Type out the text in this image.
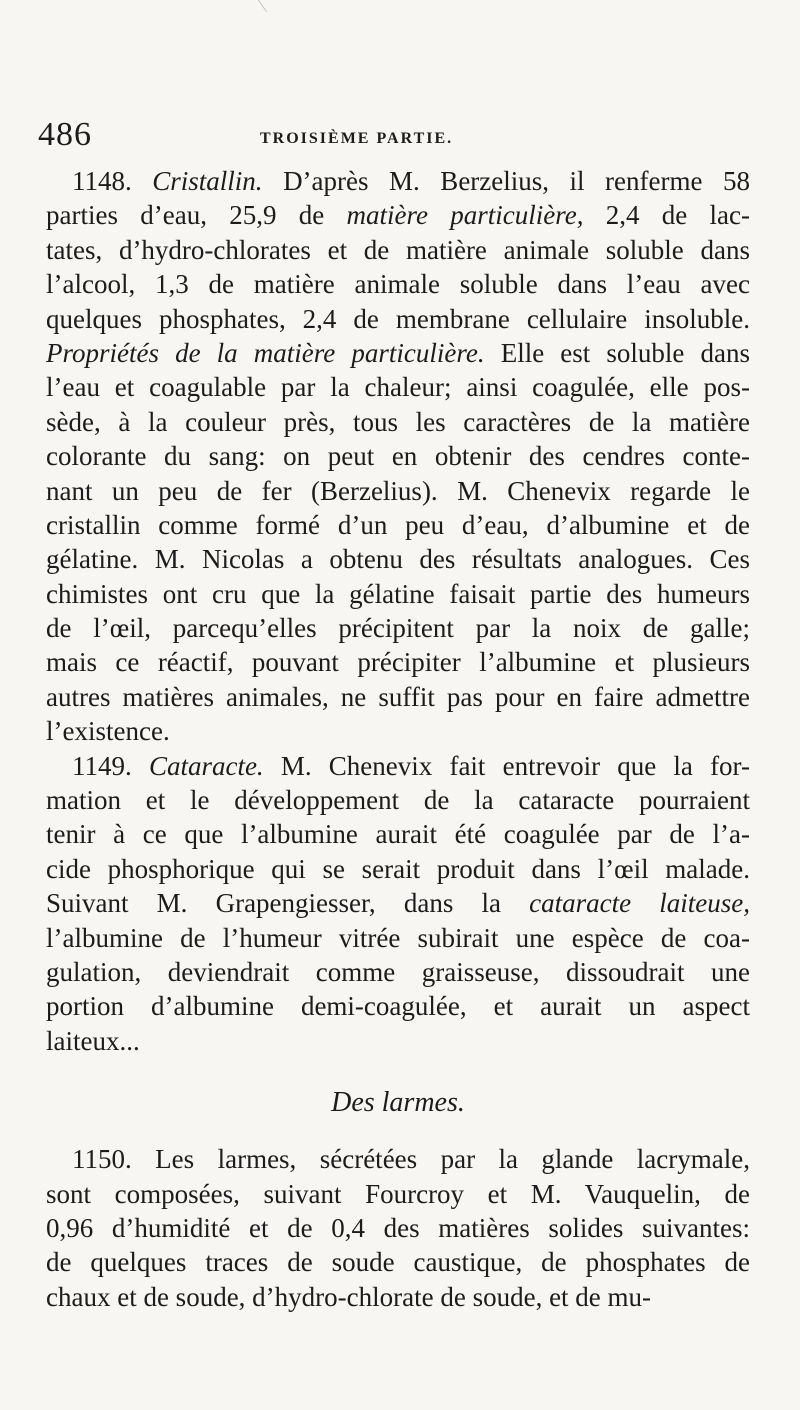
486	TROISIÈME PARTIE.
1148. Cristallin. D’après M. Berzelius, il renferme 58
parties d’eau, 25,9 de matière particulière, 2,4 de lac-
tates, d’hydro-chlorates et de matière animale soluble dans
l’alcool, 1,3 de matière animale soluble dans l’eau avec
quelques phosphates, 2,4 de membrane cellulaire insoluble.
Propriétés de la matière particulière. Elle est soluble dans
l’eau et coagulable par la chaleur; ainsi coagulée, elle pos-
sède, à la couleur près, tous les caractères de la matière
colorante du sang: on peut en obtenir des cendres conte-
nant un peu de fer (Berzelius). M. Chenevix regarde le
cristallin comme formé d’un peu d’eau, d’albumine et de
gélatine. M. Nicolas a obtenu des résultats analogues. Ces
chimistes ont cru que la gélatine faisait partie des humeurs
de l’œil, parcequ’elles précipitent par la noix de galle;
mais ce réactif, pouvant précipiter l’albumine et plusieurs
autres matières animales, ne suffit pas pour en faire admettre
l’existence.
1149. Cataracte. M. Chenevix fait entrevoir que la for-
mation et le développement de la cataracte pourraient
tenir à ce que l’albumine aurait été coagulée par de l’a-
cide phosphorique qui se serait produit dans l’œil malade.
Suivant M. Grapengiesser, dans la cataracte laiteuse,
l’albumine de l’humeur vitrée subirait une espèce de coa-
gulation, deviendrait comme graisseuse, dissoudrait une
portion d’albumine demi-coagulée, et aurait un aspect
laiteux...
Des larmes.
1150. Les larmes, sécrétées par la glande lacrymale,
sont composées, suivant Fourcroy et M. Vauquelin, de
0,96 d’humidité et de 0,4 des matières solides suivantes:
de quelques traces de soude caustique, de phosphates de
chaux et de soude, d’hydro-chlorate de soude, et de mu-
